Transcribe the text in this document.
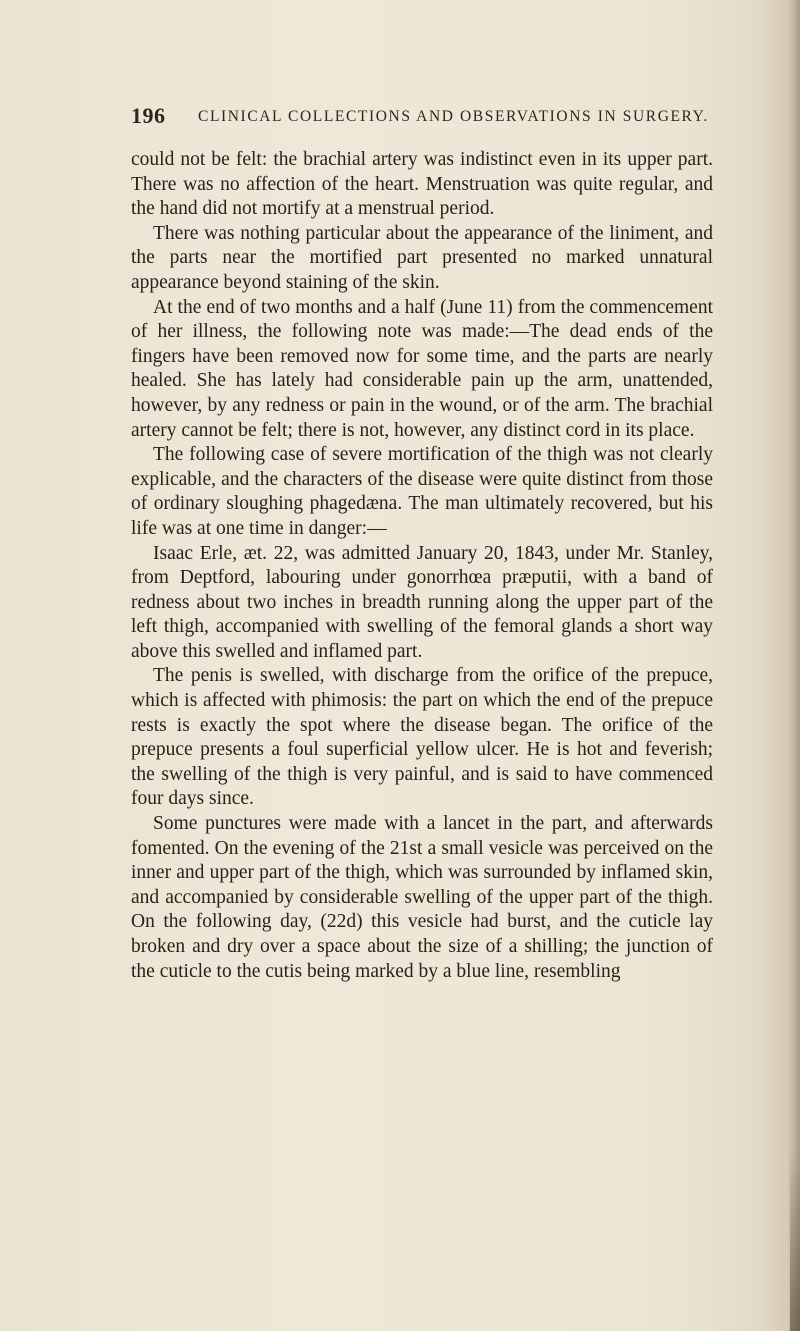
196 CLINICAL COLLECTIONS AND OBSERVATIONS IN SURGERY.

could not be felt: the brachial artery was indistinct even in its upper part. There was no affection of the heart. Menstruation was quite regular, and the hand did not mortify at a menstrual period.

There was nothing particular about the appearance of the liniment, and the parts near the mortified part presented no marked unnatural appearance beyond staining of the skin.

At the end of two months and a half (June 11) from the commencement of her illness, the following note was made:—The dead ends of the fingers have been removed now for some time, and the parts are nearly healed. She has lately had considerable pain up the arm, unattended, however, by any redness or pain in the wound, or of the arm. The brachial artery cannot be felt; there is not, however, any distinct cord in its place.

The following case of severe mortification of the thigh was not clearly explicable, and the characters of the disease were quite distinct from those of ordinary sloughing phagedæna. The man ultimately recovered, but his life was at one time in danger:—

Isaac Erle, æt. 22, was admitted January 20, 1843, under Mr. Stanley, from Deptford, labouring under gonorrhœa præputii, with a band of redness about two inches in breadth running along the upper part of the left thigh, accompanied with swelling of the femoral glands a short way above this swelled and inflamed part.

The penis is swelled, with discharge from the orifice of the prepuce, which is affected with phimosis: the part on which the end of the prepuce rests is exactly the spot where the disease began. The orifice of the prepuce presents a foul superficial yellow ulcer. He is hot and feverish; the swelling of the thigh is very painful, and is said to have commenced four days since.

Some punctures were made with a lancet in the part, and afterwards fomented. On the evening of the 21st a small vesicle was perceived on the inner and upper part of the thigh, which was surrounded by inflamed skin, and accompanied by considerable swelling of the upper part of the thigh. On the following day, (22d) this vesicle had burst, and the cuticle lay broken and dry over a space about the size of a shilling; the junction of the cuticle to the cutis being marked by a blue line, resembling
